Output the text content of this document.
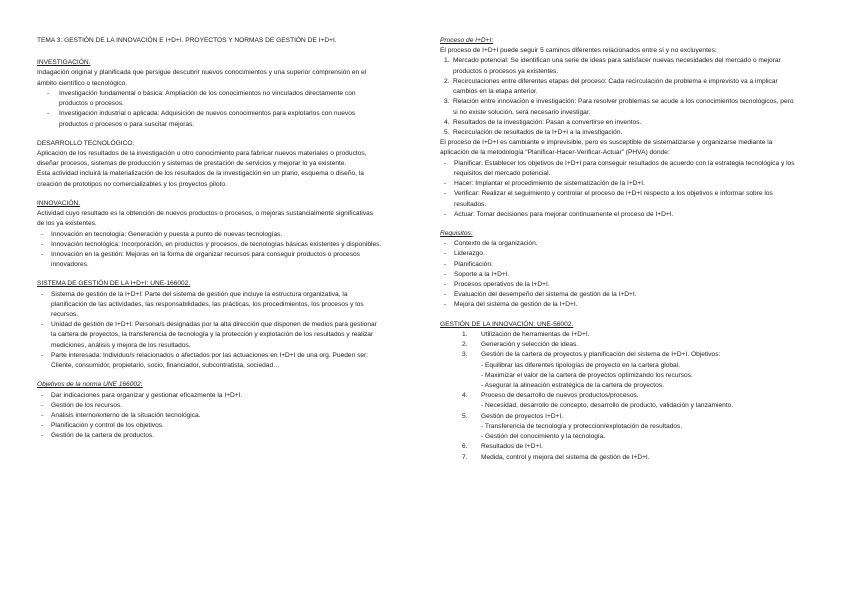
TEMA 3: GESTIÓN DE LA INNOVACIÓN E I+D+I. PROYECTOS Y NORMAS DE GESTIÓN DE I+D+I.

INVESTIGACIÓN.

Indagación original y planificada que persigue descubrir nuevos conocimientos y una superior comprensión en el ámbito científico o tecnológico.

- Investigación fundamental o básica: Ampliación de los conocimientos no vinculados directamente con productos o procesos.
- Investigación industrial o aplicada: Adquisición de nuevos conocimientos para explotarlos con nuevos productos o procesos o para suscitar mejoras.

DESARROLLO TECNOLÓGICO.

Aplicación de los resultados de la investigación u otro conocimiento para fabricar nuevos materiales o productos, diseñar procesos, sistemas de producción y sistemas de prestación de servicios y mejorar lo ya existente.

Esta actividad incluirá la materialización de los resultados de la investigación en un plano, esquema o diseño, la creación de prototipos no comercializables y los proyectos piloto.

INNOVACIÓN.

Actividad cuyo resultado es la obtención de nuevos productos o procesos, o mejoras sustancialmente significativas de los ya existentes.

- Innovación en tecnología: Generación y puesta a punto de nuevas tecnologías.
- Innovación tecnológica: Incorporación, en productos y procesos, de tecnologías básicas existentes y disponibles.
- Innovación en la gestión: Mejoras en la forma de organizar recursos para conseguir productos o procesos innovadores.

SISTEMA DE GESTIÓN DE LA I+D+I: UNE-166002.

- Sistema de gestión de la I+D+I: Parte del sistema de gestión que incluye la estructura organizativa, la planificación de las actividades, las responsabilidades, las prácticas, los procedimientos, los procesos y los recursos.
- Unidad de gestión de I+D+I: Persona/s designadas por la alta dirección que disponen de medios para gestionar la cartera de proyectos, la transferencia de tecnología y la protección y explotación de los resultados y realizar mediciones, análisis y mejora de los resultados.
- Parte interesada: Individuo/s relacionados o afectados por las actuaciones en I+D+I de una org. Pueden ser: Cliente, consumidor, propietario, socio, financiador, subcontratista, sociedad…

Objetivos de la norma UNE 166002:

- Dar indicaciones para organizar y gestionar eficazmente la I+D+I.
- Gestión de los recursos.
- Análisis interno/externo de la situación tecnológica.
- Planificación y control de los objetivos.
- Gestión de la cartera de productos.

Proceso de I+D+I:

El proceso de I+D+I puede seguir 5 caminos diferentes relacionados entre sí y no excluyentes:

1. Mercado potencial: Se identifican una serie de ideas para satisfacer nuevas necesidades del mercado o mejorar productos o procesos ya existentes.
2. Recirculaciones entre diferentes etapas del proceso: Cada recirculación de problema e imprevisto va a implicar cambios en la etapa anterior.
3. Relación entre innovación e investigación: Para resolver problemas se acude a los conocimientos tecnológicos, pero si no existe solución, será necesario investigar.
4. Resultados de la investigación: Pasan a convertirse en inventos.
5. Recirculación de resultados de la I+D+I a la investigación.

El proceso de I+D+I es cambiante e imprevisible, pero es susceptible de sistematizarse y organizarse mediante la aplicación de la metodología “Planificar-Hacer-Verificar-Actuar” (PHVA) donde:

- Planificar: Establecer los objetivos de I+D+I para conseguir resultados de acuerdo con la estrategia tecnológica y los requisitos del mercado potencial.
- Hacer: Implantar el procedimiento de sistematización de la I+D+I.
- Verificar: Realizar el seguimiento y controlar el proceso de I+D+I respecto a los objetivos e informar sobre los resultados.
- Actuar: Tomar decisiones para mejorar continuamente el proceso de I+D+I.

Requisitos:

- Contexto de la organización.
- Liderazgo.
- Planificación.
- Soporte a la I+D+I.
- Procesos operativos de la I+D+I.
- Evaluación del desempeño del sistema de gestión de la I+D+I.
- Mejora del sistema de gestión de la I+D+I.

GESTIÓN DE LA INNOVACIÓN: UNE-56002.

1. Utilización de herramientas de I+D+I.
2. Generación y selección de ideas.
3. Gestión de la cartera de proyectos y planificación del sistema de I+D+I. Objetivos:
- Equilibrar las diferentes tipologías de proyecto en la cartera global.
- Maximizar el valor de la cartera de proyectos optimizando los recursos.
- Asegurar la alineación estratégica de la cartera de proyectos.
4. Proceso de desarrollo de nuevos productos/procesos.
- Necesidad, desarrollo de concepto, desarrollo de producto, validación y lanzamiento.
5. Gestión de proyectos I+D+I.
- Transferencia de tecnología y proteccion/explotación de resultados.
- Gestión del conocimiento y la tecnología.
6. Resultados de I+D+I.
7. Medida, control y mejora del sistema de gestión de I+D+I.
